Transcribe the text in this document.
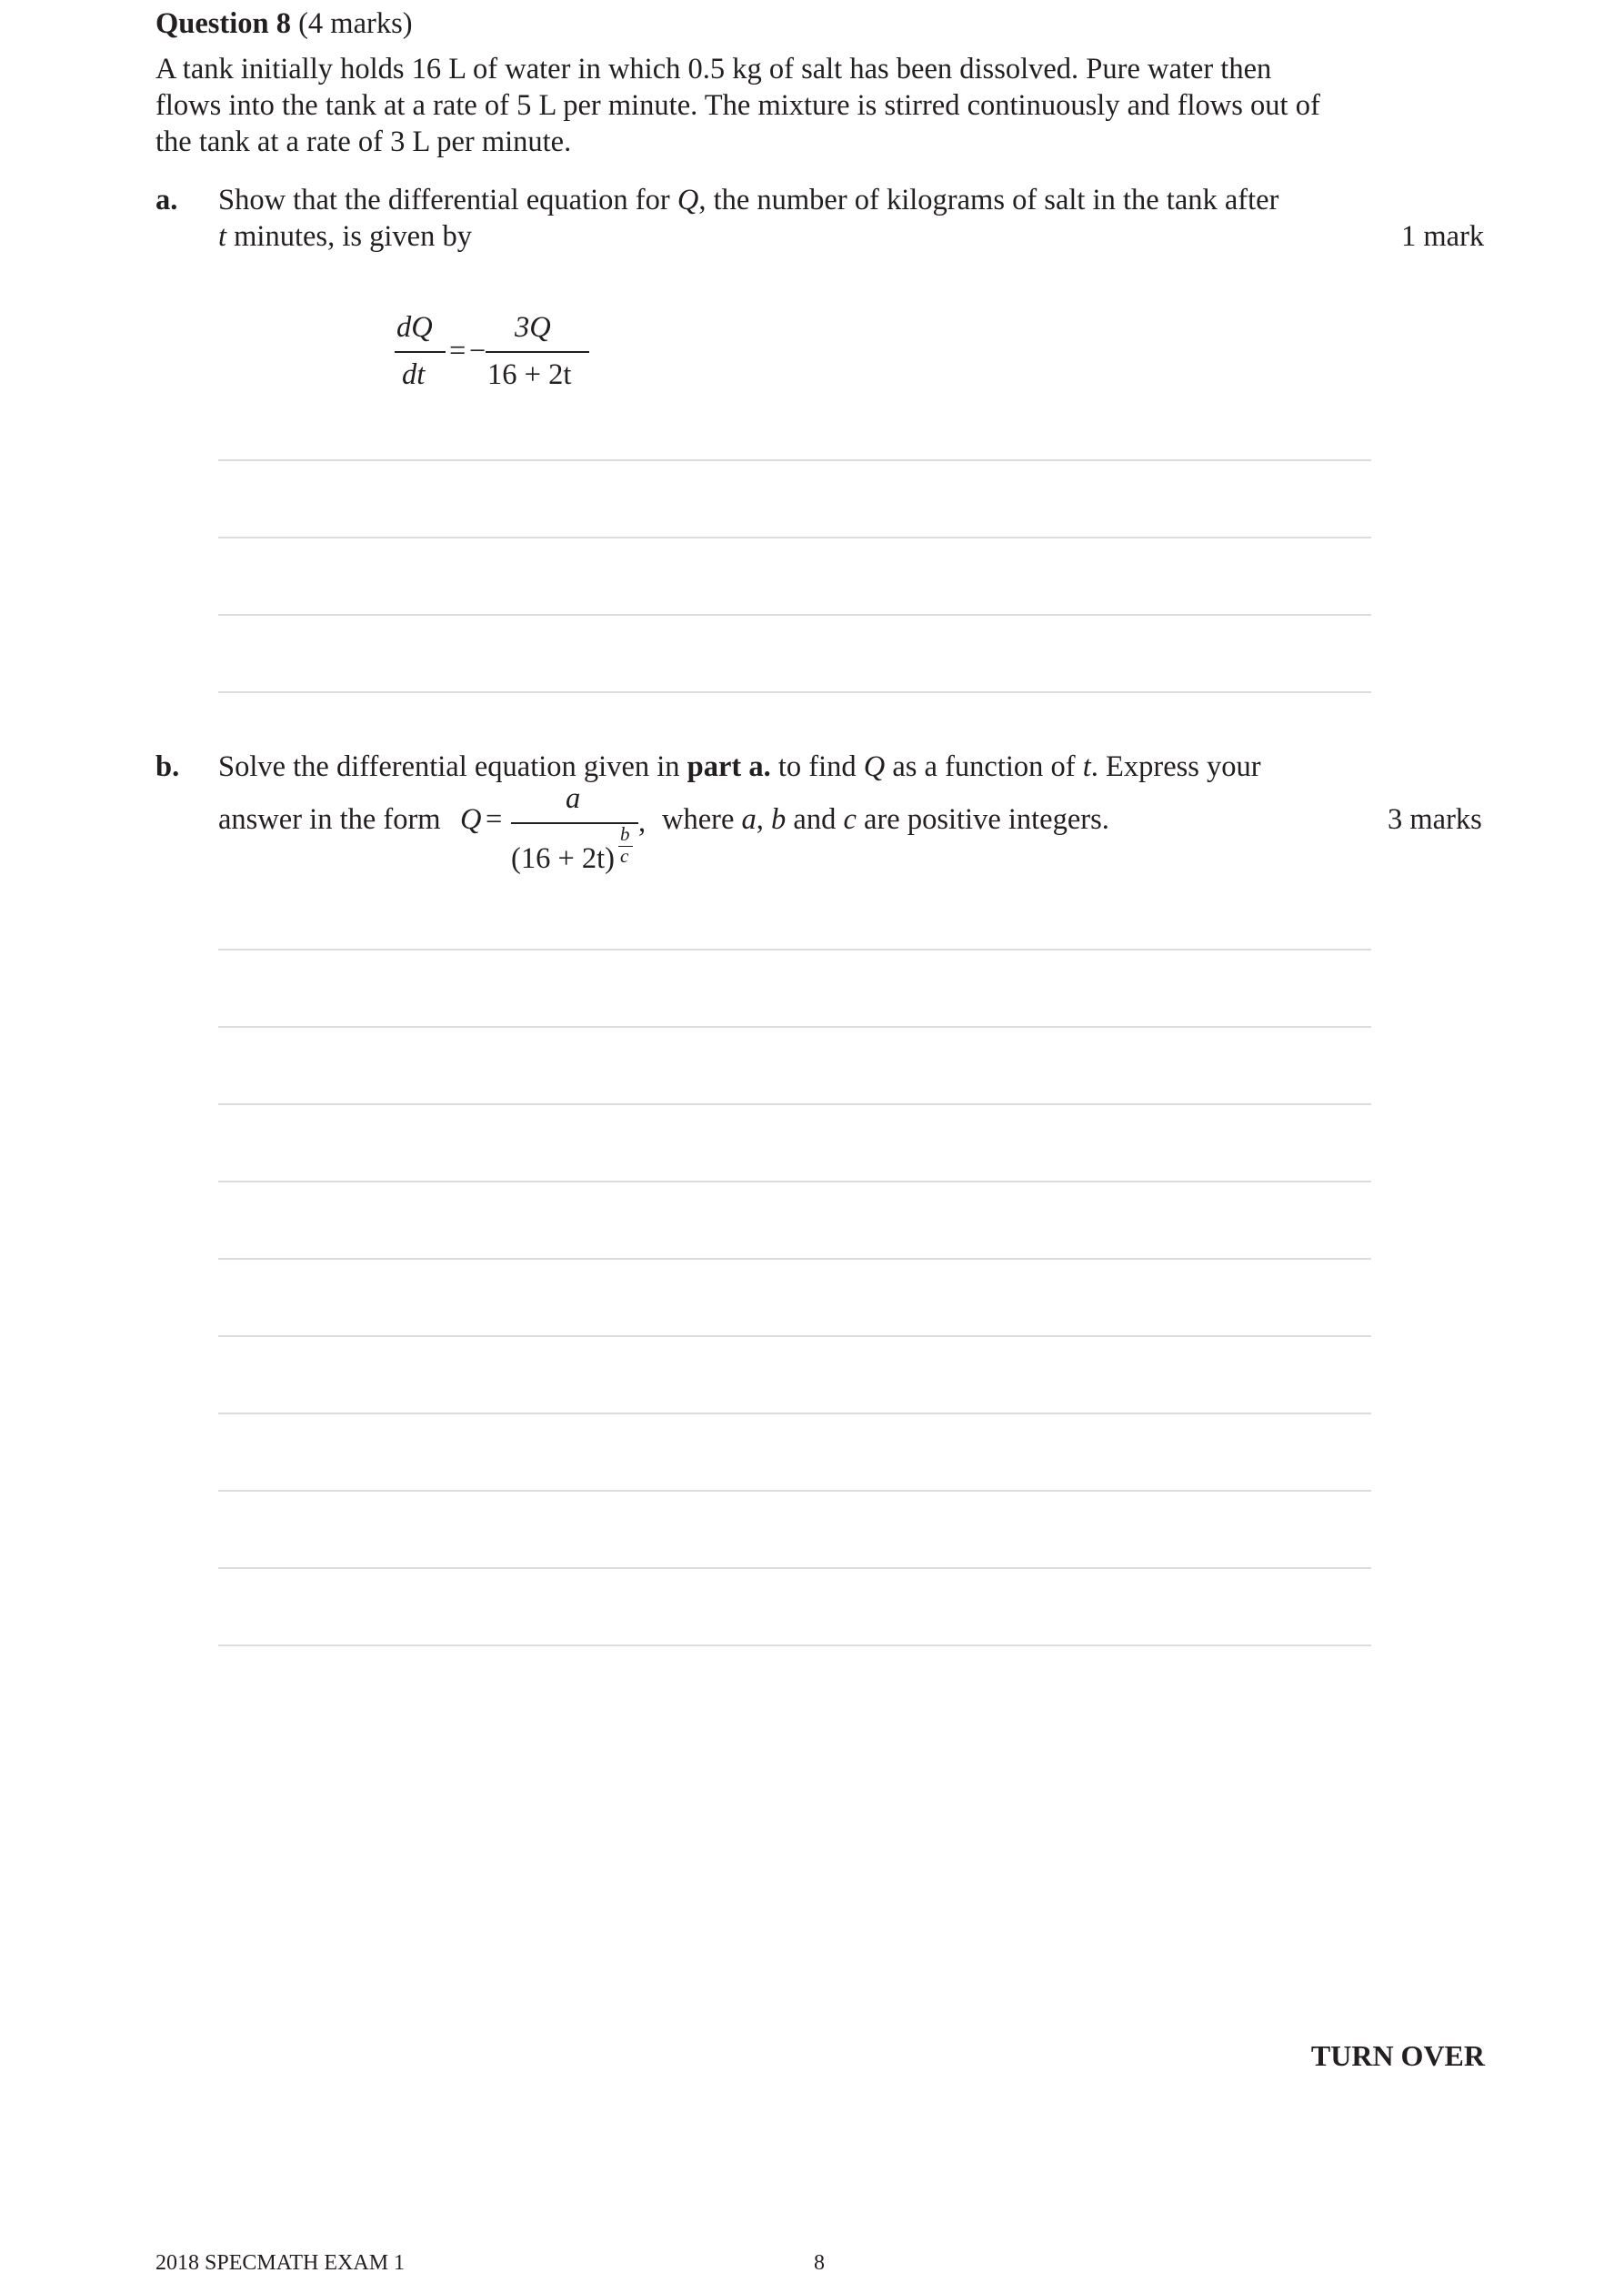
Question 8 (4 marks)
A tank initially holds 16 L of water in which 0.5 kg of salt has been dissolved. Pure water then
flows into the tank at a rate of 5 L per minute. The mixture is stirred continuously and flows out of
the tank at a rate of 3 L per minute.
a. Show that the differential equation for Q, the number of kilograms of salt in the tank after
t minutes, is given by	1 mark
dQ
dt
= −
3Q
16 + 2t
b. Solve the differential equation given in part a. to find Q as a function of t. Express your
answer in the form Q =
a
(16 + 2t)
b
c
, where a, b and c are positive integers.	3 marks
TURN OVER
2018 SPECMATH EXAM 1	8
